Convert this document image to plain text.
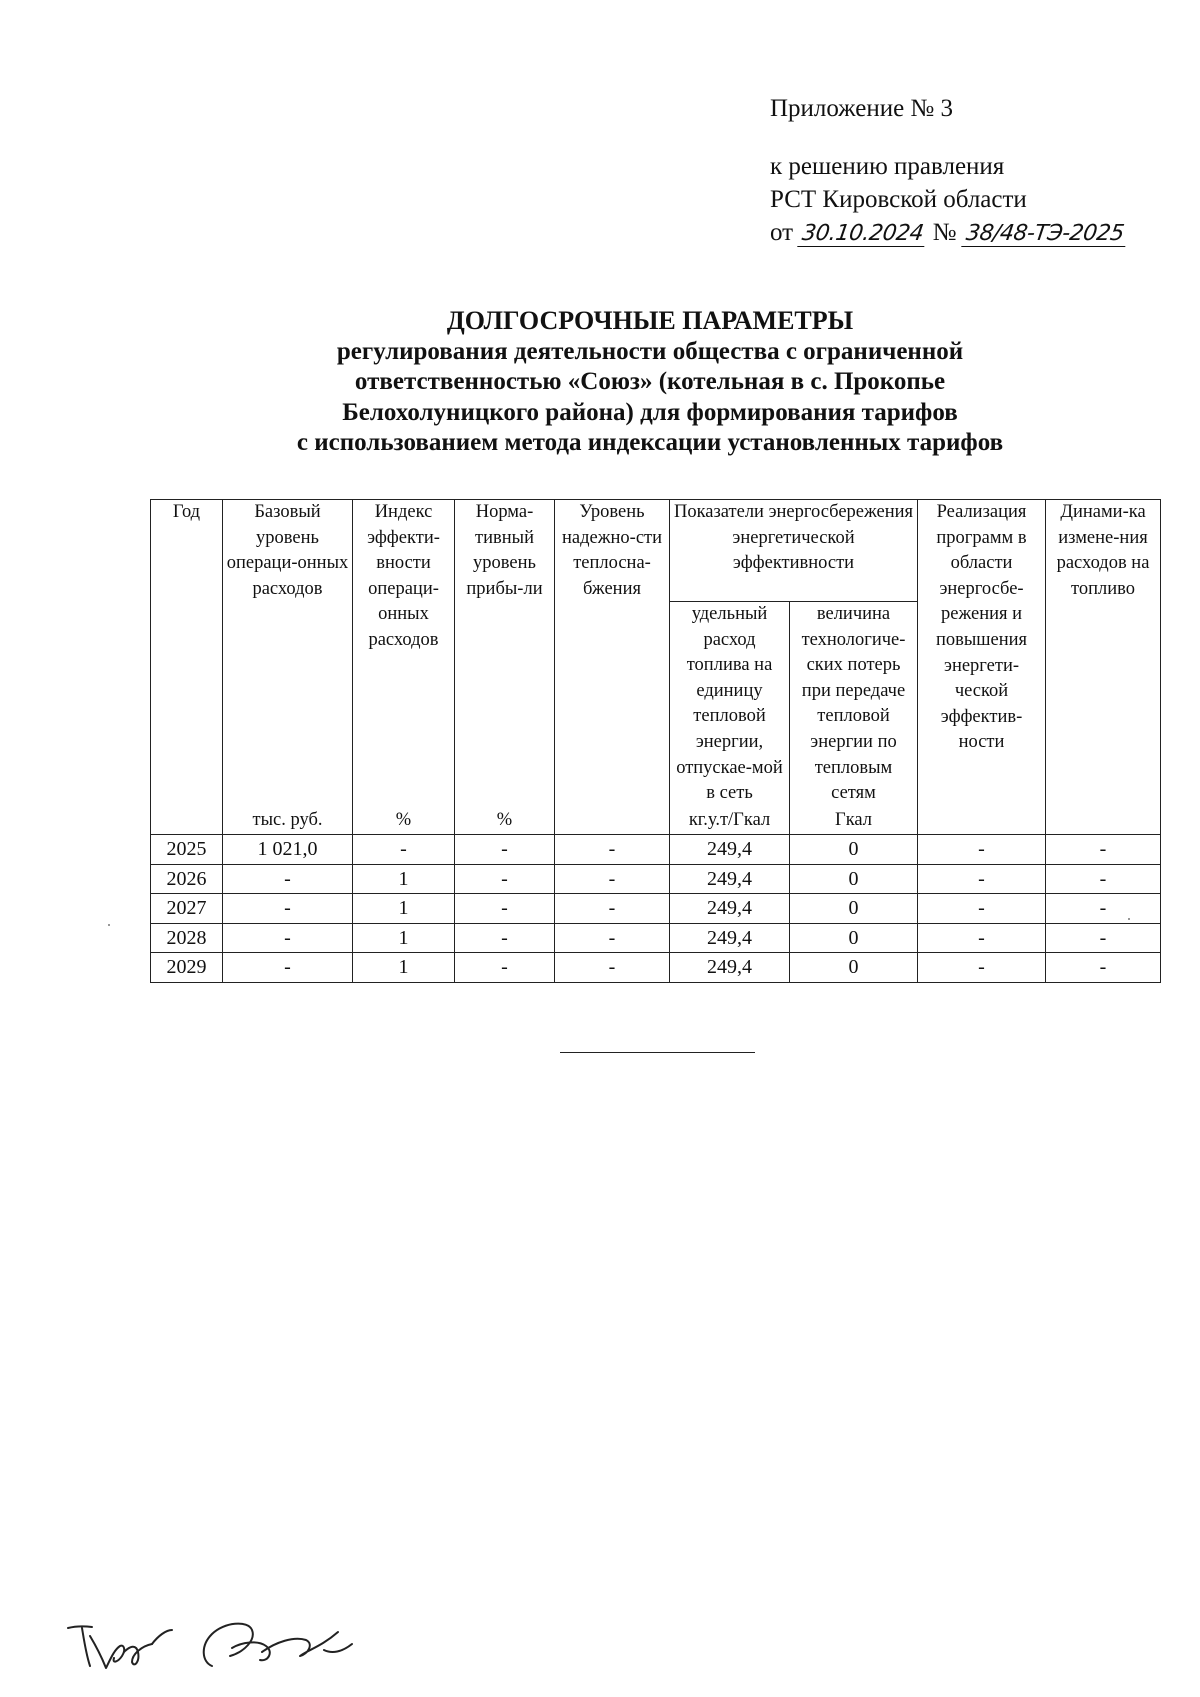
Приложение № 3
к решению правления
РСТ Кировской области
от 30.10.2024 № 38/48-ТЭ-2025
ДОЛГОСРОЧНЫЕ ПАРАМЕТРЫ
регулирования деятельности общества с ограниченной
ответственностью «Союз» (котельная в с. Прокопье
Белохолуницкого района) для формирования тарифов
с использованием метода индексации установленных тарифов
Год	Базовый уровень операци-онных расходов	Индекс эффекти-вности операци-онных расходов	Норма-тивный уровень прибы-ли	Уровень надежно-сти теплосна-бжения	Показатели энергосбережения энергетической эффективности		Реализация программ в области энергосбе-режения и повышения энергети-ческой эффектив-ности	Динами-ка измене-ния расходов на топливо
					удельный расход топлива на единицу тепловой энергии, отпускае-мой в сеть	величина технологиче-ских потерь при передаче тепловой энергии по тепловым сетям		
	тыс. руб.	%	%		кг.у.т/Гкал	Гкал		
2025	1 021,0	-	-	-	249,4	0	-	-
2026	-	1	-	-	249,4	0	-	-
2027	-	1	-	-	249,4	0	-	-
2028	-	1	-	-	249,4	0	-	-
2029	-	1	-	-	249,4	0	-	-
